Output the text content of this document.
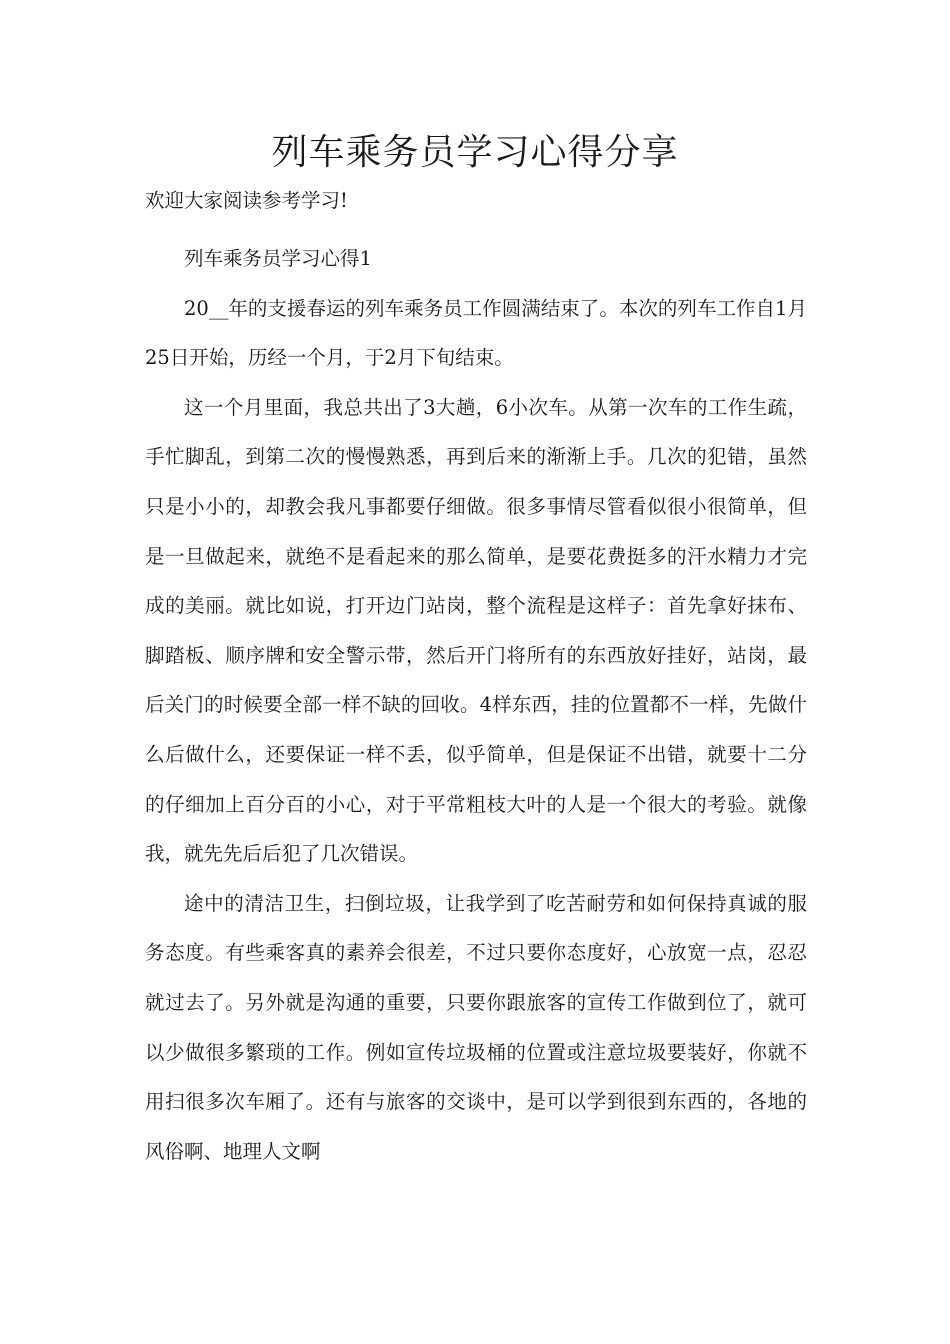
列车乘务员学习心得分享

欢迎大家阅读参考学习!

列车乘务员学习心得1

20__年的支援春运的列车乘务员工作圆满结束了。本次的列车工作自1月25日开始，历经一个月，于2月下旬结束。

这一个月里面，我总共出了3大趟，6小次车。从第一次车的工作生疏，手忙脚乱，到第二次的慢慢熟悉，再到后来的渐渐上手。几次的犯错，虽然只是小小的，却教会我凡事都要仔细做。很多事情尽管看似很小很简单，但是一旦做起来，就绝不是看起来的那么简单，是要花费挺多的汗水精力才完成的美丽。就比如说，打开边门站岗，整个流程是这样子：首先拿好抹布、脚踏板、顺序牌和安全警示带，然后开门将所有的东西放好挂好，站岗，最后关门的时候要全部一样不缺的回收。4样东西，挂的位置都不一样，先做什么后做什么，还要保证一样不丢，似乎简单，但是保证不出错，就要十二分的仔细加上百分百的小心，对于平常粗枝大叶的人是一个很大的考验。就像我，就先先后后犯了几次错误。

途中的清洁卫生，扫倒垃圾，让我学到了吃苦耐劳和如何保持真诚的服务态度。有些乘客真的素养会很差，不过只要你态度好，心放宽一点，忍忍就过去了。另外就是沟通的重要，只要你跟旅客的宣传工作做到位了，就可以少做很多繁琐的工作。例如宣传垃圾桶的位置或注意垃圾要装好，你就不用扫很多次车厢了。还有与旅客的交谈中，是可以学到很到东西的，各地的风俗啊、地理人文啊
